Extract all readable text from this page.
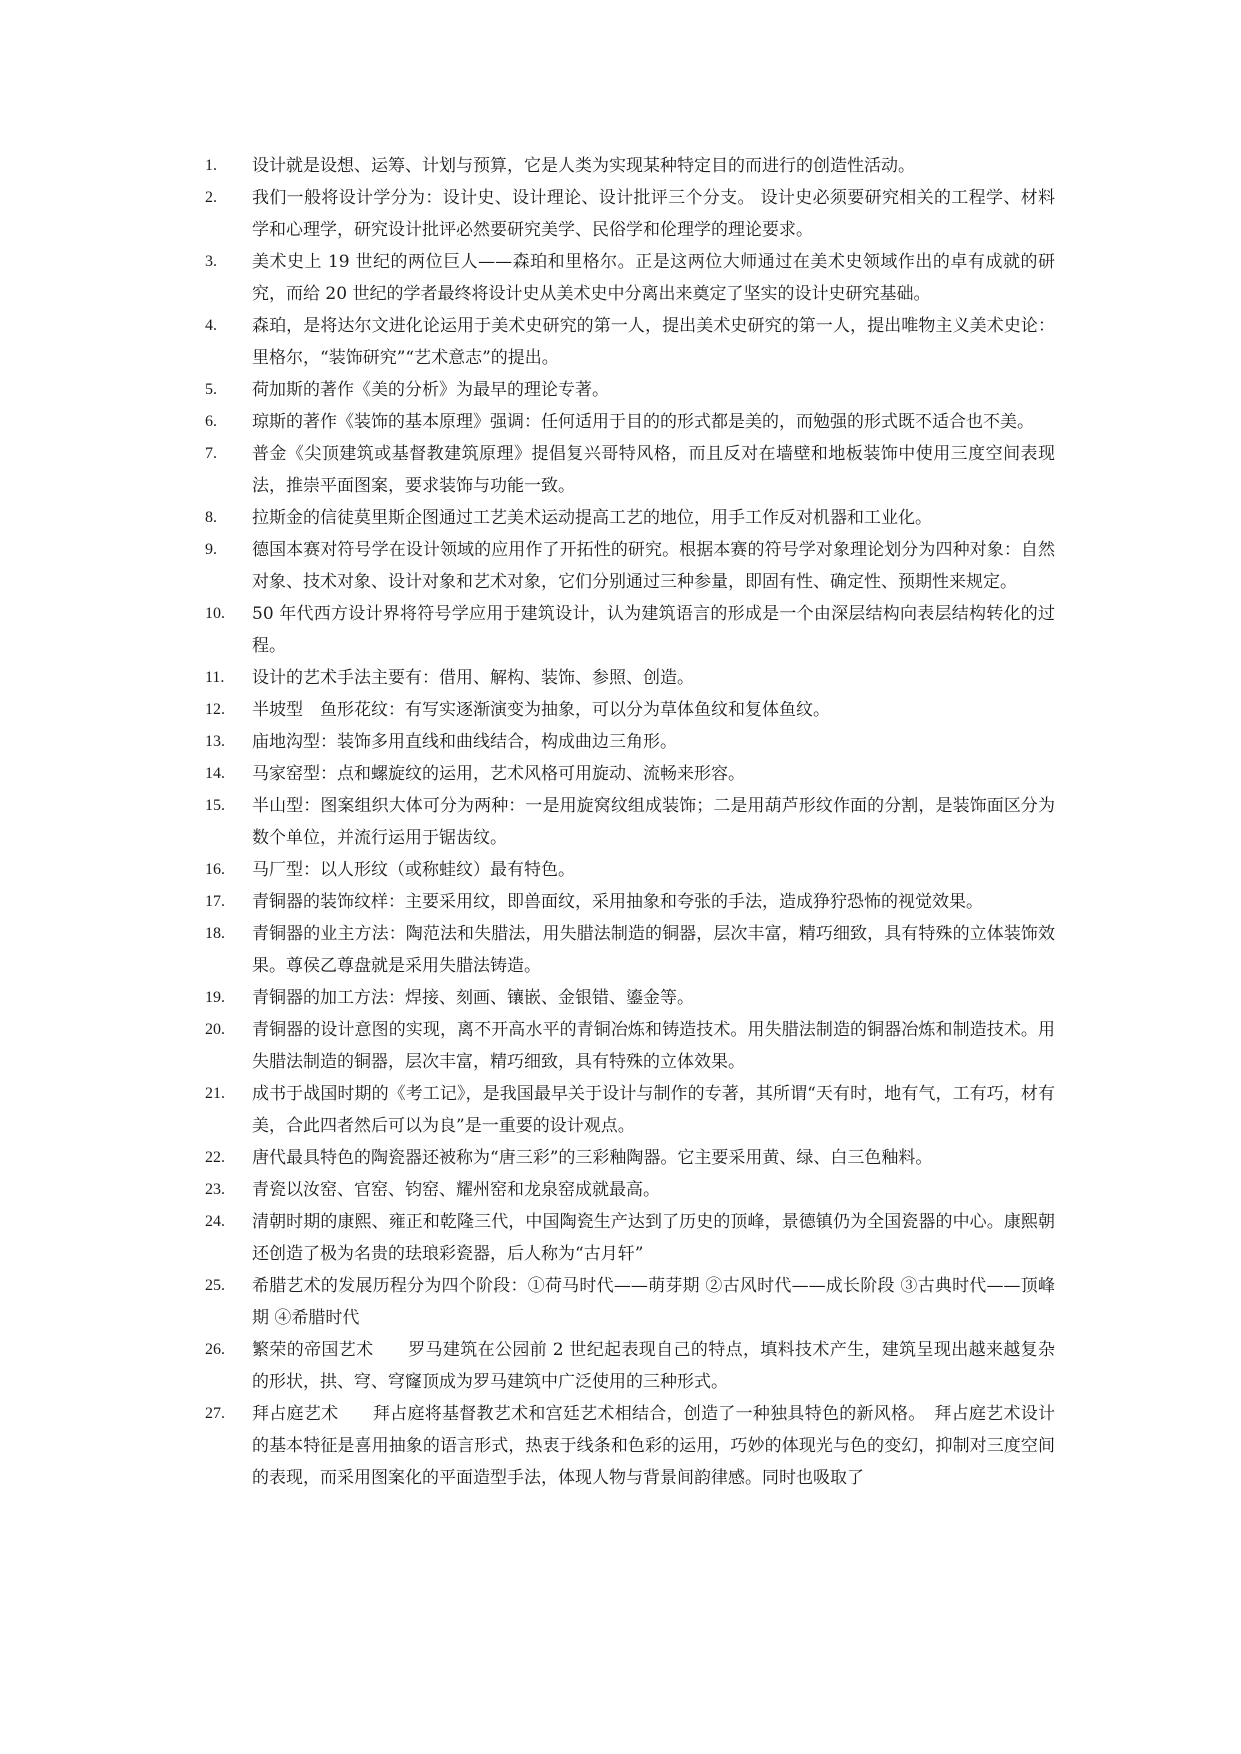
1.	设计就是设想、运筹、计划与预算，它是人类为实现某种特定目的而进行的创造性活动。
2.	我们一般将设计学分为：设计史、设计理论、设计批评三个分支。 设计史必须要研究相关的工程学、材料学和心理学，研究设计批评必然要研究美学、民俗学和伦理学的理论要求。
3.	美术史上 19 世纪的两位巨人——森珀和里格尔。正是这两位大师通过在美术史领域作出的卓有成就的研究，而给 20 世纪的学者最终将设计史从美术史中分离出来奠定了坚实的设计史研究基础。
4.	森珀，是将达尔文进化论运用于美术史研究的第一人，提出美术史研究的第一人，提出唯物主义美术史论：里格尔，“装饰研究”“艺术意志”的提出。
5.	荷加斯的著作《美的分析》为最早的理论专著。
6.	琼斯的著作《装饰的基本原理》强调：任何适用于目的的形式都是美的，而勉强的形式既不适合也不美。
7.	普金《尖顶建筑或基督教建筑原理》提倡复兴哥特风格，而且反对在墙壁和地板装饰中使用三度空间表现法，推崇平面图案，要求装饰与功能一致。
8.	拉斯金的信徒莫里斯企图通过工艺美术运动提高工艺的地位，用手工作反对机器和工业化。
9.	德国本赛对符号学在设计领域的应用作了开拓性的研究。根据本赛的符号学对象理论划分为四种对象：自然对象、技术对象、设计对象和艺术对象，它们分别通过三种参量，即固有性、确定性、预期性来规定。
10.	50 年代西方设计界将符号学应用于建筑设计，认为建筑语言的形成是一个由深层结构向表层结构转化的过程。
11.	设计的艺术手法主要有：借用、解构、装饰、参照、创造。
12.	半坡型　鱼形花纹：有写实逐渐演变为抽象，可以分为草体鱼纹和复体鱼纹。
13.	庙地沟型：装饰多用直线和曲线结合，构成曲边三角形。
14.	马家窑型：点和螺旋纹的运用，艺术风格可用旋动、流畅来形容。
15.	半山型：图案组织大体可分为两种：一是用旋窝纹组成装饰；二是用葫芦形纹作面的分割，是装饰面区分为数个单位，并流行运用于锯齿纹。
16.	马厂型：以人形纹（或称蛙纹）最有特色。
17.	青铜器的装饰纹样：主要采用纹，即兽面纹，采用抽象和夸张的手法，造成狰狞恐怖的视觉效果。
18.	青铜器的业主方法：陶范法和失腊法，用失腊法制造的铜器，层次丰富，精巧细致，具有特殊的立体装饰效果。尊侯乙尊盘就是采用失腊法铸造。
19.	青铜器的加工方法：焊接、刻画、镶嵌、金银错、鎏金等。
20.	青铜器的设计意图的实现，离不开高水平的青铜冶炼和铸造技术。用失腊法制造的铜器冶炼和制造技术。用失腊法制造的铜器，层次丰富，精巧细致，具有特殊的立体效果。
21.	成书于战国时期的《考工记》，是我国最早关于设计与制作的专著，其所谓“天有时，地有气，工有巧，材有美，合此四者然后可以为良”是一重要的设计观点。
22.	唐代最具特色的陶瓷器还被称为“唐三彩”的三彩釉陶器。它主要采用黄、绿、白三色釉料。
23.	青瓷以汝窑、官窑、钧窑、耀州窑和龙泉窑成就最高。
24.	清朝时期的康熙、雍正和乾隆三代，中国陶瓷生产达到了历史的顶峰，景德镇仍为全国瓷器的中心。康熙朝还创造了极为名贵的珐琅彩瓷器，后人称为“古月轩”
25.	希腊艺术的发展历程分为四个阶段：①荷马时代——萌芽期 ②古风时代——成长阶段 ③古典时代——顶峰期 ④希腊时代
26.	繁荣的帝国艺术　　罗马建筑在公园前 2 世纪起表现自己的特点，填料技术产生，建筑呈现出越来越复杂的形状，拱、穹、穹窿顶成为罗马建筑中广泛使用的三种形式。
27.	拜占庭艺术　　拜占庭将基督教艺术和宫廷艺术相结合，创造了一种独具特色的新风格。　拜占庭艺术设计的基本特征是喜用抽象的语言形式，热衷于线条和色彩的运用，巧妙的体现光与色的变幻，抑制对三度空间的表现，而采用图案化的平面造型手法，体现人物与背景间韵律感。同时也吸取了
